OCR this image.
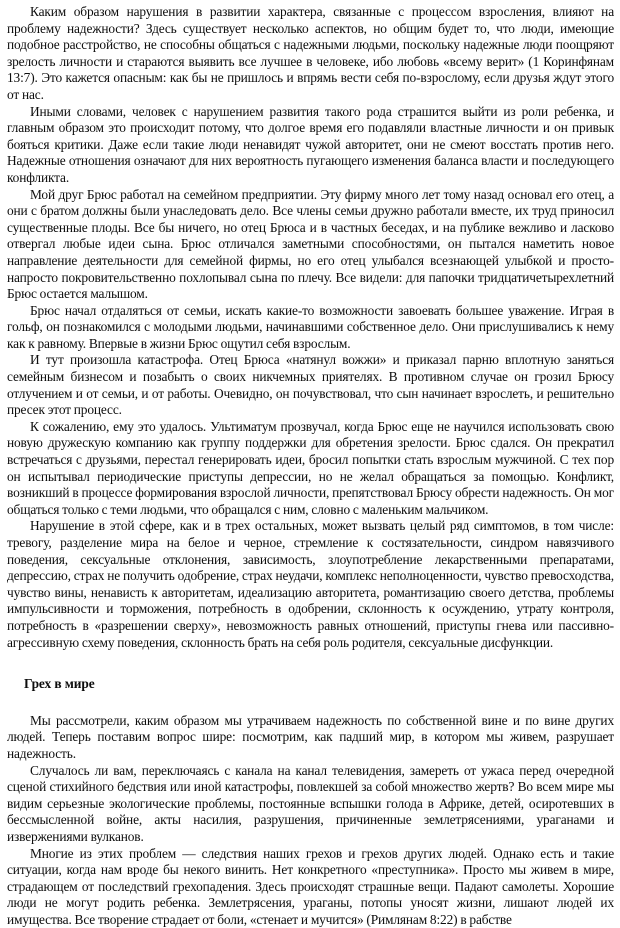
Каким образом нарушения в развитии характера, связанные с процессом взросления, влияют на проблему надежности? Здесь существует несколько аспектов, но общим будет то, что люди, имеющие подобное расстройство, не способны общаться с надежными людьми, поскольку надежные люди поощряют зрелость личности и стараются выявить все лучшее в человеке, ибо любовь «всему верит» (1 Коринфянам 13:7). Это кажется опасным: как бы не пришлось и впрямь вести себя по-взрослому, если друзья ждут этого от нас.

Иными словами, человек с нарушением развития такого рода страшится выйти из роли ребенка, и главным образом это происходит потому, что долгое время его подавляли властные личности и он привык бояться критики. Даже если такие люди ненавидят чужой авторитет, они не смеют восстать против него. Надежные отношения означают для них вероятность пугающего изменения баланса власти и последующего конфликта.

Мой друг Брюс работал на семейном предприятии. Эту фирму много лет тому назад основал его отец, а они с братом должны были унаследовать дело. Все члены семьи дружно работали вместе, их труд приносил существенные плоды. Все бы ничего, но отец Брюса и в частных беседах, и на публике вежливо и ласково отвергал любые идеи сына. Брюс отличался заметными способностями, он пытался наметить новое направление деятельности для семейной фирмы, но его отец улыбался всезнающей улыбкой и просто-напросто покровительственно похлопывал сына по плечу. Все видели: для папочки тридцатичетырехлетний Брюс остается малышом.

Брюс начал отдаляться от семьи, искать какие-то возможности завоевать большее уважение. Играя в гольф, он познакомился с молодыми людьми, начинавшими собственное дело. Они прислушивались к нему как к равному. Впервые в жизни Брюс ощутил себя взрослым.

И тут произошла катастрофа. Отец Брюса «натянул вожжи» и приказал парню вплотную заняться семейным бизнесом и позабыть о своих никчемных приятелях. В противном случае он грозил Брюсу отлучением и от семьи, и от работы. Очевидно, он почувствовал, что сын начинает взрослеть, и решительно пресек этот процесс.

К сожалению, ему это удалось. Ультиматум прозвучал, когда Брюс еще не научился использовать свою новую дружескую компанию как группу поддержки для обретения зрелости. Брюс сдался. Он прекратил встречаться с друзьями, перестал генерировать идеи, бросил попытки стать взрослым мужчиной. С тех пор он испытывал периодические приступы депрессии, но не желал обращаться за помощью. Конфликт, возникший в процессе формирования взрослой личности, препятствовал Брюсу обрести надежность. Он мог общаться только с теми людьми, что обращался с ним, словно с маленьким мальчиком.

Нарушение в этой сфере, как и в трех остальных, может вызвать целый ряд симптомов, в том числе: тревогу, разделение мира на белое и черное, стремление к состязательности, синдром навязчивого поведения, сексуальные отклонения, зависимость, злоупотребление лекарственными препаратами, депрессию, страх не получить одобрение, страх неудачи, комплекс неполноценности, чувство превосходства, чувство вины, ненависть к авторитетам, идеализацию авторитета, романтизацию своего детства, проблемы импульсивности и торможения, потребность в одобрении, склонность к осуждению, утрату контроля, потребность в «разрешении сверху», невозможность равных отношений, приступы гнева или пассивно-агрессивную схему поведения, склонность брать на себя роль родителя, сексуальные дисфункции.

Грех в мире

Мы рассмотрели, каким образом мы утрачиваем надежность по собственной вине и по вине других людей. Теперь поставим вопрос шире: посмотрим, как падший мир, в котором мы живем, разрушает надежность.

Случалось ли вам, переключаясь с канала на канал телевидения, замереть от ужаса перед очередной сценой стихийного бедствия или иной катастрофы, повлекшей за собой множество жертв? Во всем мире мы видим серьезные экологические проблемы, постоянные вспышки голода в Африке, детей, осиротевших в бессмысленной войне, акты насилия, разрушения, причиненные землетрясениями, ураганами и извержениями вулканов.

Многие из этих проблем — следствия наших грехов и грехов других людей. Однако есть и такие ситуации, когда нам вроде бы некого винить. Нет конкретного «преступника». Просто мы живем в мире, страдающем от последствий грехопадения. Здесь происходят страшные вещи. Падают самолеты. Хорошие люди не могут родить ребенка. Землетрясения, ураганы, потопы уносят жизни, лишают людей их имущества. Все творение страдает от боли, «стенает и мучится» (Римлянам 8:22) в рабстве
